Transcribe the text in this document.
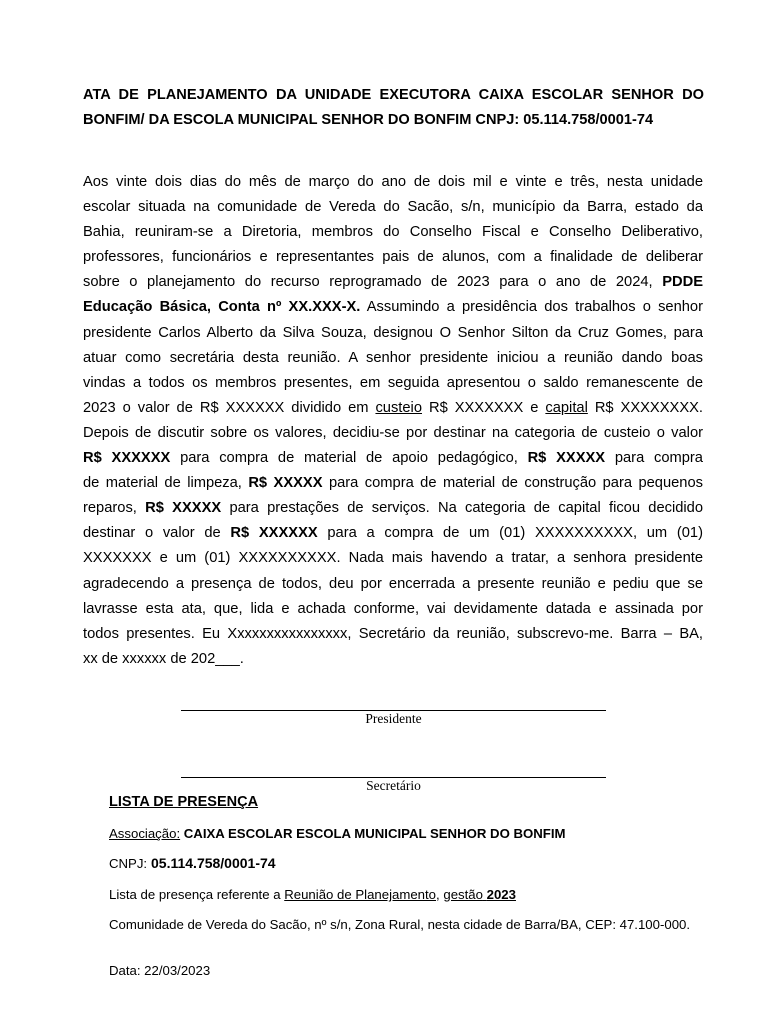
ATA DE PLANEJAMENTO DA UNIDADE EXECUTORA CAIXA ESCOLAR SENHOR DO BONFIM/ DA ESCOLA MUNICIPAL SENHOR DO BONFIM CNPJ: 05.114.758/0001-74
Aos vinte dois dias do mês de março do ano de dois mil e vinte e três, nesta unidade
escolar situada na comunidade de Vereda do Sacão, s/n, município da Barra, estado da
Bahia, reuniram-se a Diretoria, membros do Conselho Fiscal e Conselho Deliberativo,
professores, funcionários e representantes pais de alunos, com a finalidade de deliberar
sobre o planejamento do recurso reprogramado de 2023 para o ano de 2024, PDDE
Educação Básica, Conta nº XX.XXX-X. Assumindo a presidência dos trabalhos o senhor
presidente Carlos Alberto da Silva Souza, designou O Senhor Silton da Cruz Gomes, para
atuar como secretária desta reunião. A senhor presidente iniciou a reunião dando boas
vindas a todos os membros presentes, em seguida apresentou o saldo remanescente de
2023 o valor de R$ XXXXXX dividido em custeio R$ XXXXXXX e capital R$ XXXXXXXX.
Depois de discutir sobre os valores, decidiu-se por destinar na categoria de custeio o valor
R$ XXXXXX para compra de material de apoio pedagógico, R$ XXXXX para compra
de material de limpeza, R$ XXXXX para compra de material de construção para pequenos
reparos, R$ XXXXX para prestações de serviços. Na categoria de capital ficou decidido
destinar o valor de R$ XXXXXX para a compra de um (01) XXXXXXXXXX, um (01)
XXXXXXX e um (01) XXXXXXXXXX. Nada mais havendo a tratar, a senhora presidente
agradecendo a presença de todos, deu por encerrada a presente reunião e pediu que se
lavrasse esta ata, que, lida e achada conforme, vai devidamente datada e assinada por
todos presentes. Eu Xxxxxxxxxxxxxxxx, Secretário da reunião, subscrevo-me. Barra – BA,
xx de xxxxxx de 202___.
Presidente
Secretário
LISTA DE PRESENÇA
Associação: CAIXA ESCOLAR ESCOLA MUNICIPAL SENHOR DO BONFIM
CNPJ: 05.114.758/0001-74
Lista de presença referente a Reunião de Planejamento, gestão 2023
Comunidade de Vereda do Sacão, nº s/n, Zona Rural, nesta cidade de Barra/BA, CEP: 47.100-000.
Data: 22/03/2023
